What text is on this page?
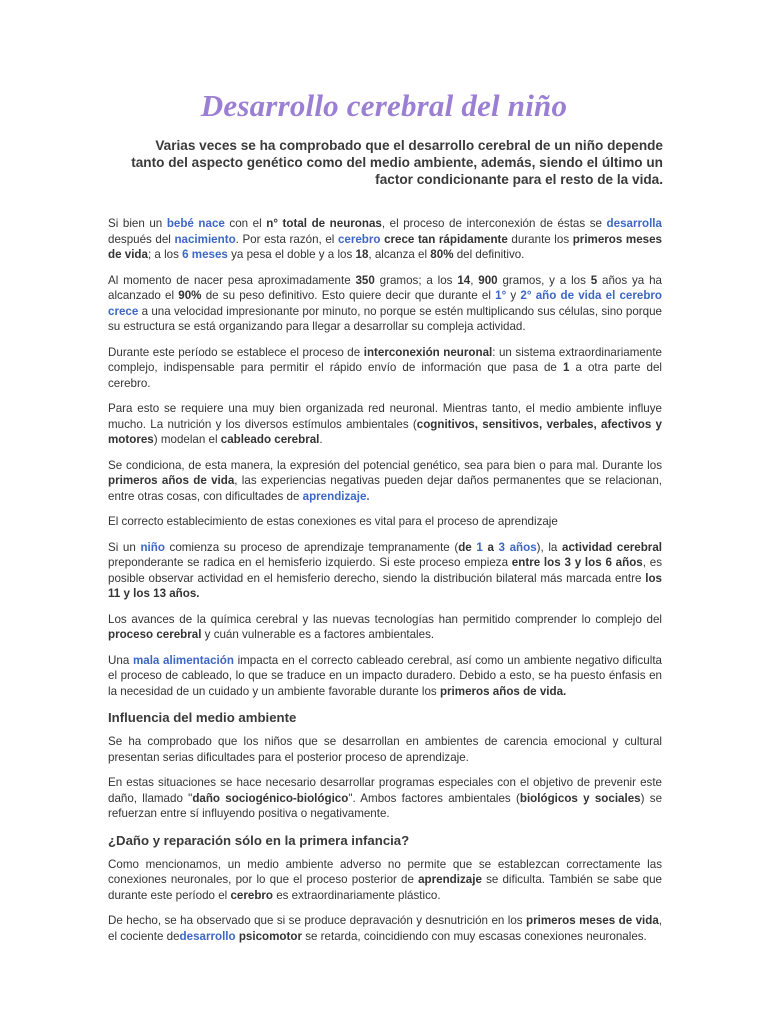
Desarrollo cerebral del niño
Varias veces se ha comprobado que el desarrollo cerebral de un niño depende tanto del aspecto genético como del medio ambiente, además, siendo el último un factor condicionante para el resto de la vida.

Si bien un bebé nace con el n° total de neuronas, el proceso de interconexión de éstas se desarrolla después del nacimiento. Por esta razón, el cerebro crece tan rápidamente durante los primeros meses de vida; a los 6 meses ya pesa el doble y a los 18, alcanza el 80% del definitivo.

Al momento de nacer pesa aproximadamente 350 gramos; a los 14, 900 gramos, y a los 5 años ya ha alcanzado el 90% de su peso definitivo. Esto quiere decir que durante el 1° y 2° año de vida el cerebro crece a una velocidad impresionante por minuto, no porque se estén multiplicando sus células, sino porque su estructura se está organizando para llegar a desarrollar su compleja actividad.

Durante este período se establece el proceso de interconexión neuronal: un sistema extraordinariamente complejo, indispensable para permitir el rápido envío de información que pasa de 1 a otra parte del cerebro.

Para esto se requiere una muy bien organizada red neuronal. Mientras tanto, el medio ambiente influye mucho. La nutrición y los diversos estímulos ambientales (cognitivos, sensitivos, verbales, afectivos y motores) modelan el cableado cerebral.

Se condiciona, de esta manera, la expresión del potencial genético, sea para bien o para mal. Durante los primeros años de vida, las experiencias negativas pueden dejar daños permanentes que se relacionan, entre otras cosas, con dificultades de aprendizaje.

El correcto establecimiento de estas conexiones es vital para el proceso de aprendizaje

Si un niño comienza su proceso de aprendizaje tempranamente (de 1 a 3 años), la actividad cerebral preponderante se radica en el hemisferio izquierdo. Si este proceso empieza entre los 3 y los 6 años, es posible observar actividad en el hemisferio derecho, siendo la distribución bilateral más marcada entre los 11 y los 13 años.

Los avances de la química cerebral y las nuevas tecnologías han permitido comprender lo complejo del proceso cerebral y cuán vulnerable es a factores ambientales.

Una mala alimentación impacta en el correcto cableado cerebral, así como un ambiente negativo dificulta el proceso de cableado, lo que se traduce en un impacto duradero. Debido a esto, se ha puesto énfasis en la necesidad de un cuidado y un ambiente favorable durante los primeros años de vida.

Influencia del medio ambiente

Se ha comprobado que los niños que se desarrollan en ambientes de carencia emocional y cultural presentan serias dificultades para el posterior proceso de aprendizaje.

En estas situaciones se hace necesario desarrollar programas especiales con el objetivo de prevenir este daño, llamado "daño sociogénico-biológico". Ambos factores ambientales (biológicos y sociales) se refuerzan entre sí influyendo positiva o negativamente.

¿Daño y reparación sólo en la primera infancia?

Como mencionamos, un medio ambiente adverso no permite que se establezcan correctamente las conexiones neuronales, por lo que el proceso posterior de aprendizaje se dificulta. También se sabe que durante este período el cerebro es extraordinariamente plástico.

De hecho, se ha observado que si se produce depravación y desnutrición en los primeros meses de vida, el cociente dedesarrollo psicomotor se retarda, coincidiendo con muy escasas conexiones neuronales.
